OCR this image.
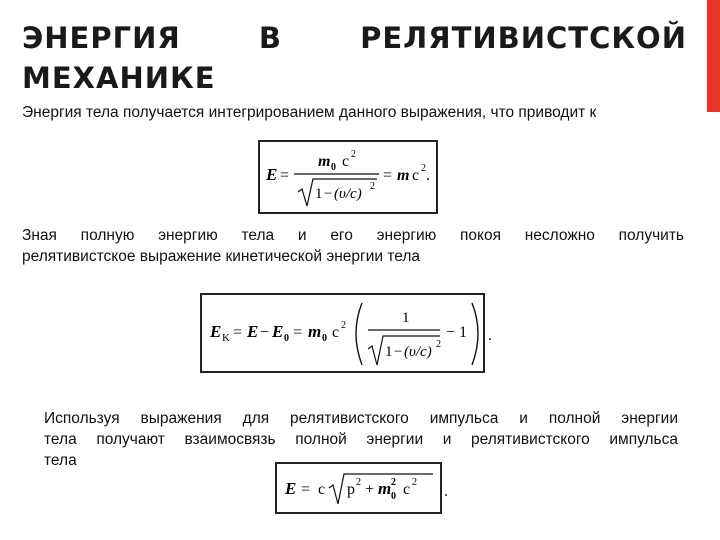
ЭНЕРГИЯ	В	РЕЛЯТИВИСТСКОЙ
МЕХАНИКЕ

Энергия тела получается интегрированием данного выражения, что приводит к

E =
m 0 c 2
1 − (υ/c) 2
= m c 2 .

Зная полную энергию тела и его энергию покоя несложно получить
релятивистское выражение кинетической энергии тела

E K = E − E 0 = m 0 c 2	1
1 − (υ/c) 2
− 1 .

Используя выражения для релятивистского импульса и полной энергии
тела получают взаимосвязь полной энергии и релятивистского импульса
тела

E = c p 2 + m 2
0 c 2
.
